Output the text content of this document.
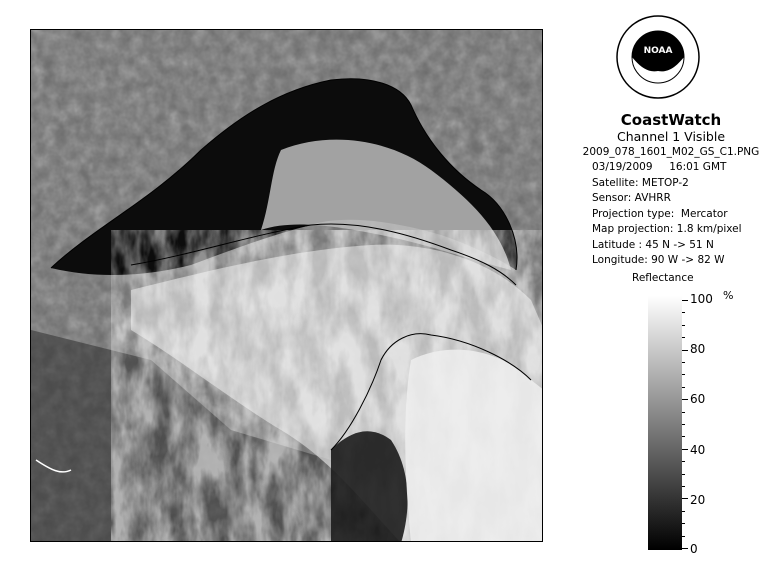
NOAA
CoastWatch
Channel 1 Visible
2009_078_1601_M02_GS_C1.PNG
03/19/2009     16:01 GMT
Satellite: METOP-2
Sensor: AVHRR
Projection type:  Mercator
Map projection: 1.8 km/pixel
Latitude : 45 N -> 51 N
Longitude: 90 W -> 82 W
Reflectance
%
100
80
60
40
20
0
